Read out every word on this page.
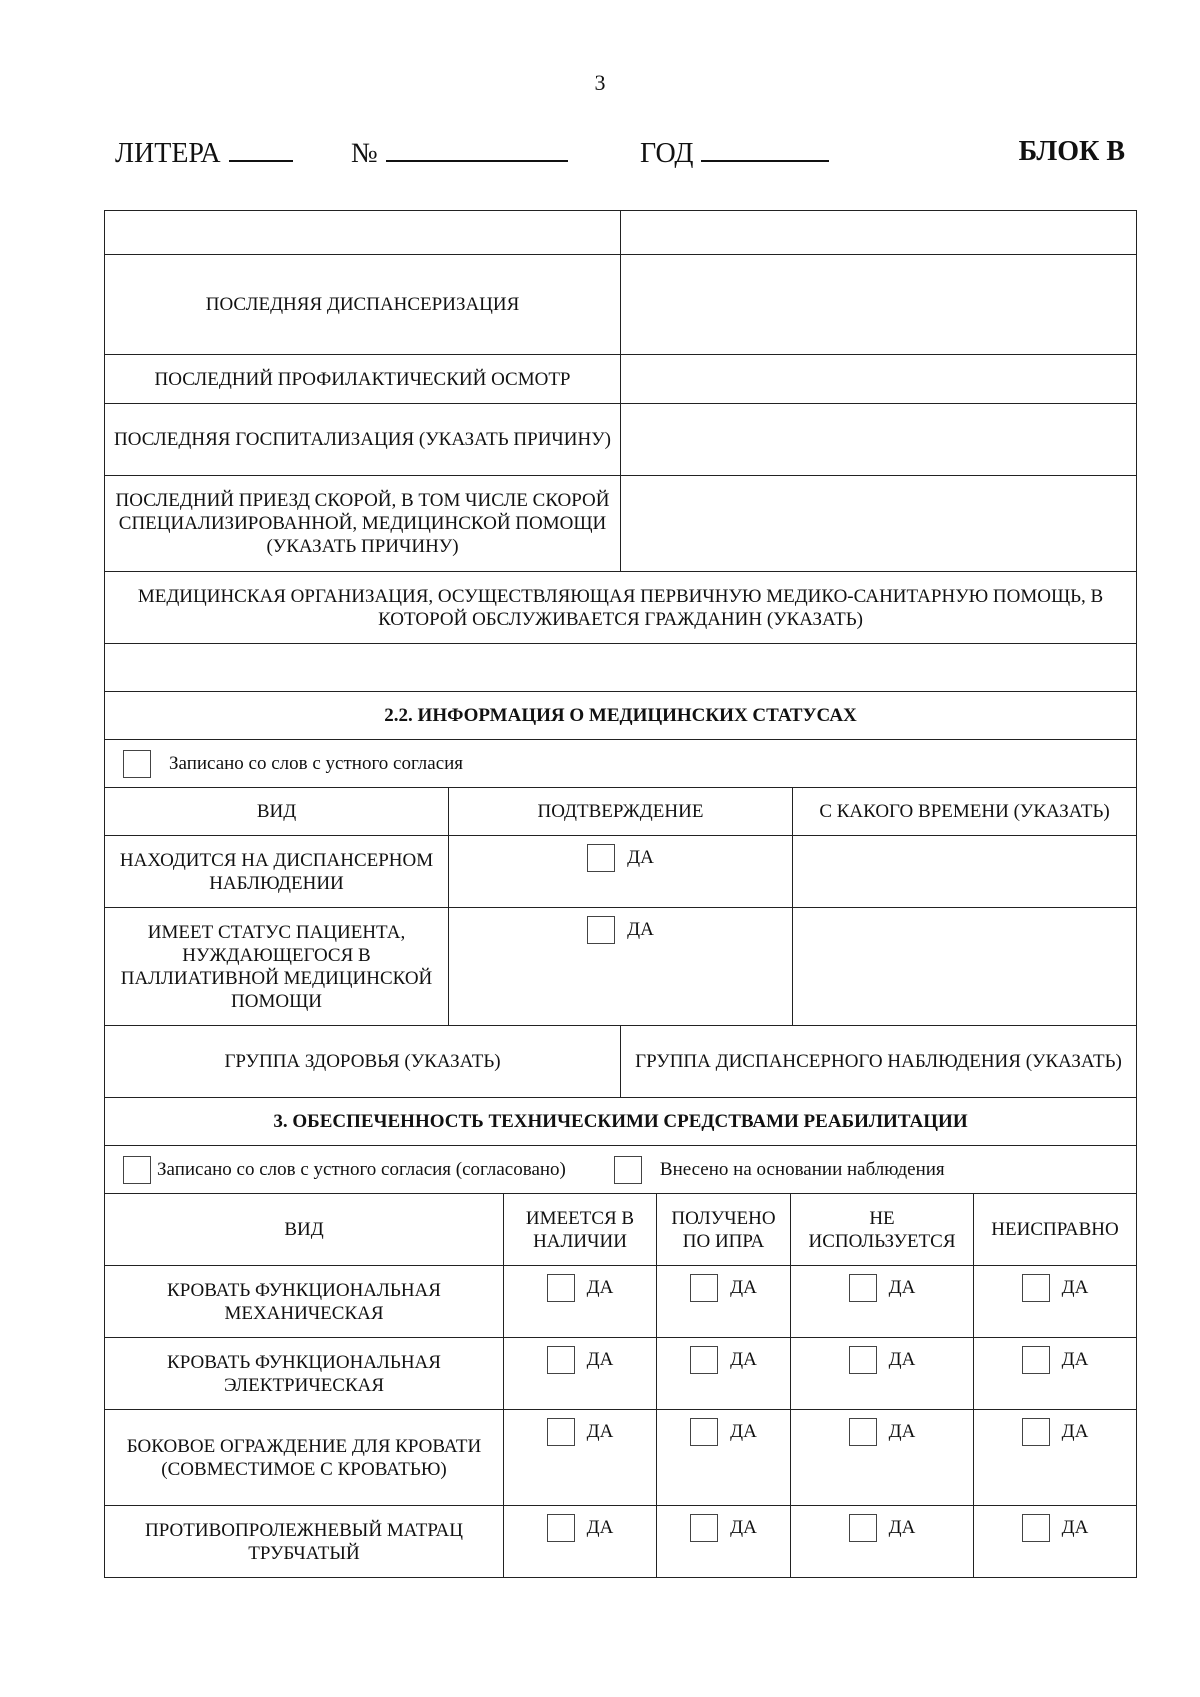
3
ЛИТЕРА	№	ГОД	БЛОК В

ПОСЛЕДНЯЯ ДИСПАНСЕРИЗАЦИЯ	
ПОСЛЕДНИЙ ПРОФИЛАКТИЧЕСКИЙ ОСМОТР	
ПОСЛЕДНЯЯ ГОСПИТАЛИЗАЦИЯ (УКАЗАТЬ ПРИЧИНУ)	
ПОСЛЕДНИЙ ПРИЕЗД СКОРОЙ, В ТОМ ЧИСЛЕ СКОРОЙ СПЕЦИАЛИЗИРОВАННОЙ, МЕДИЦИНСКОЙ ПОМОЩИ (УКАЗАТЬ ПРИЧИНУ)	
МЕДИЦИНСКАЯ ОРГАНИЗАЦИЯ, ОСУЩЕСТВЛЯЮЩАЯ ПЕРВИЧНУЮ МЕДИКО-САНИТАРНУЮ ПОМОЩЬ, В КОТОРОЙ ОБСЛУЖИВАЕТСЯ ГРАЖДАНИН (УКАЗАТЬ)	

2.2. ИНФОРМАЦИЯ О МЕДИЦИНСКИХ СТАТУСАХ	

Записано со слов с устного согласия	
ВИД	ПОДТВЕРЖДЕНИЕ	С КАКОГО ВРЕМЕНИ (УКАЗАТЬ)
НАХОДИТСЯ НА ДИСПАНСЕРНОМ НАБЛЮДЕНИИ	ДА	

ИМЕЕТ СТАТУС ПАЦИЕНТА, НУЖДАЮЩЕГОСЯ В ПАЛЛИАТИВНОЙ МЕДИЦИНСКОЙ ПОМОЩИ	ДА	

ГРУППА ЗДОРОВЬЯ (УКАЗАТЬ)	ГРУППА ДИСПАНСЕРНОГО НАБЛЮДЕНИЯ (УКАЗАТЬ)
3. ОБЕСПЕЧЕННОСТЬ ТЕХНИЧЕСКИМИ СРЕДСТВАМИ РЕАБИЛИТАЦИИ

Записано со слов с устного согласия (согласовано)	Внесено на основании наблюдения
ВИД	ИМЕЕТСЯ В НАЛИЧИИ	ПОЛУЧЕНО ПО ИПРА	НЕ ИСПОЛЬЗУЕТСЯ	НЕИСПРАВНО
КРОВАТЬ ФУНКЦИОНАЛЬНАЯ МЕХАНИЧЕСКАЯ	ДА	ДА	ДА	ДА

КРОВАТЬ ФУНКЦИОНАЛЬНАЯ ЭЛЕКТРИЧЕСКАЯ	ДА	ДА	ДА	ДА

БОКОВОЕ ОГРАЖДЕНИЕ ДЛЯ КРОВАТИ (СОВМЕСТИМОЕ С КРОВАТЬЮ)	ДА	ДА	ДА	ДА

ПРОТИВОПРОЛЕЖНЕВЫЙ МАТРАЦ ТРУБЧАТЫЙ	ДА	ДА	ДА	ДА
